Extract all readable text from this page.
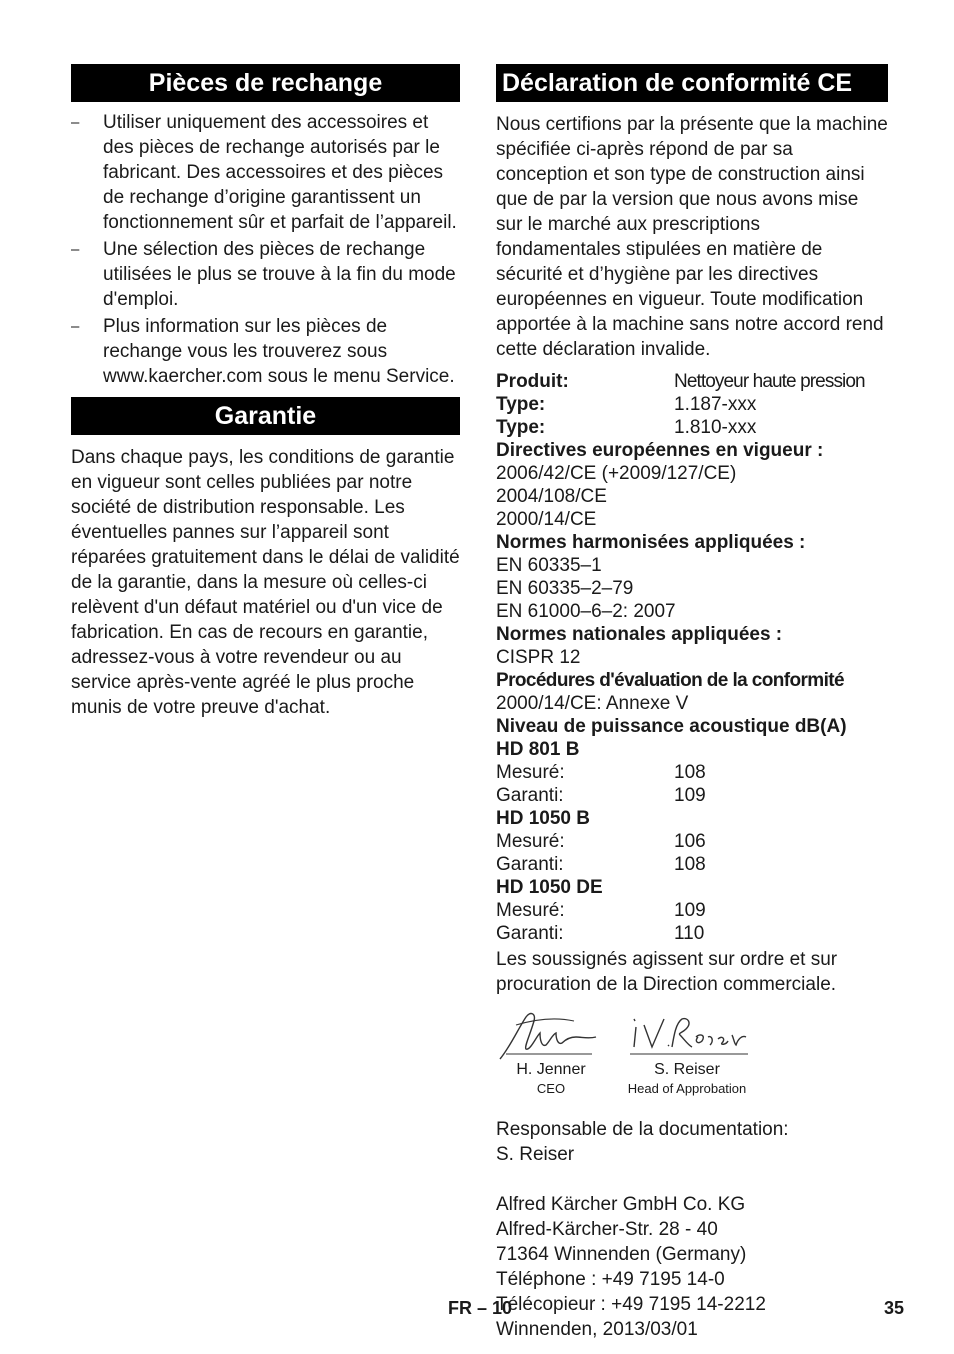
Pièces de rechange
– Utiliser uniquement des accessoires et des pièces de rechange autorisés par le fabricant. Des accessoires et des pièces de rechange d’origine garantissent un fonctionnement sûr et parfait de l’appareil.
– Une sélection des pièces de rechange utilisées le plus se trouve à la fin du mode d'emploi.
– Plus information sur les pièces de rechange vous les trouverez sous www.kaercher.com sous le menu Service.
Garantie

Dans chaque pays, les conditions de garantie en vigueur sont celles publiées par notre société de distribution responsable. Les éventuelles pannes sur l’appareil sont réparées gratuitement dans le délai de validité de la garantie, dans la mesure où celles-ci relèvent d'un défaut matériel ou d'un vice de fabrication. En cas de recours en garantie, adressez-vous à votre revendeur ou au service après-vente agréé le plus proche munis de votre preuve d'achat.

Déclaration de conformité CE

Nous certifions par la présente que la machine spécifiée ci-après répond de par sa conception et son type de construction ainsi que de par la version que nous avons mise sur le marché aux prescriptions fondamentales stipulées en matière de sécurité et d’hygiène par les directives européennes en vigueur. Toute modification apportée à la machine sans notre accord rend cette déclaration invalide.

Produit:	Nettoyeur haute pression
Type:	1.187-xxx
Type:	1.810-xxx
Directives européennes en vigueur :
2006/42/CE (+2009/127/CE)
2004/108/CE
2000/14/CE
Normes harmonisées appliquées :
EN 60335–1
EN 60335–2–79
EN 61000–6–2: 2007
Normes nationales appliquées :
CISPR 12
Procédures d'évaluation de la conformité
2000/14/CE: Annexe V
Niveau de puissance acoustique dB(A)
HD 801 B
Mesuré:	108
Garanti:	109
HD 1050 B
Mesuré:	106
Garanti:	108
HD 1050 DE
Mesuré:	109
Garanti:	110

Les soussignés agissent sur ordre et sur procuration de la Direction commerciale.

H. Jenner
CEO
S. Reiser
Head of Approbation

Responsable de la documentation:

S. Reiser

Alfred Kärcher GmbH Co. KG

Alfred-Kärcher-Str. 28 - 40

71364 Winnenden (Germany)

Téléphone : +49 7195 14-0

Télécopieur : +49 7195 14-2212

Winnenden, 2013/03/01

FR – 10	35
